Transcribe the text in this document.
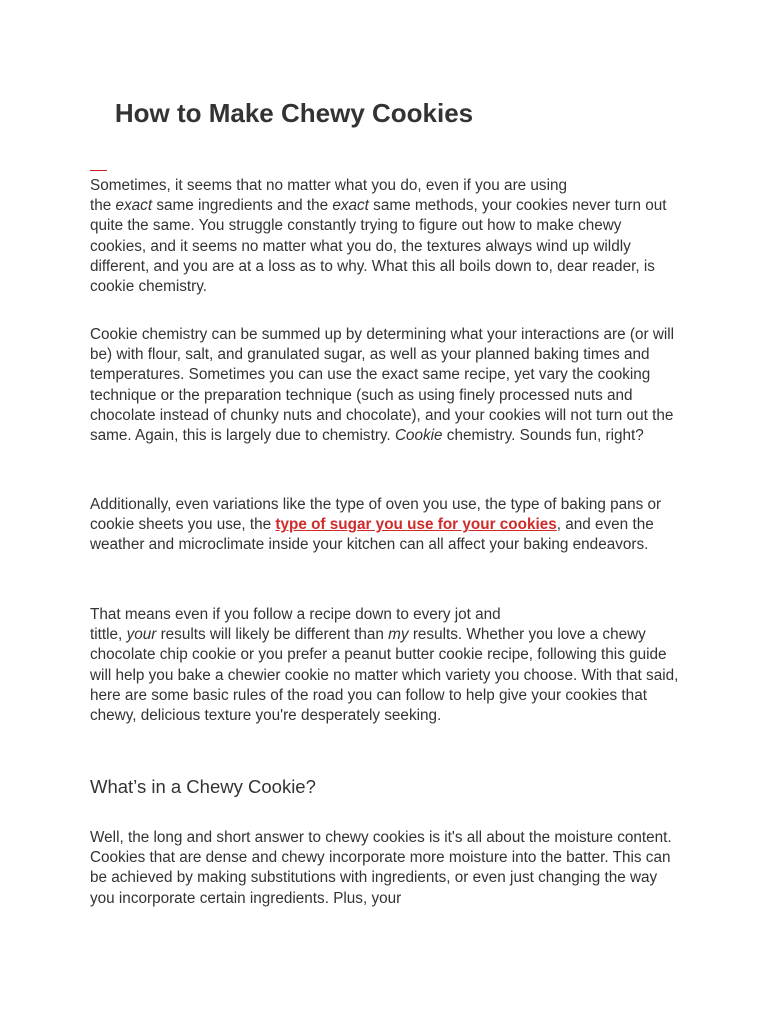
How to Make Chewy Cookies

Sometimes, it seems that no matter what you do, even if you are using
the exact same ingredients and the exact same methods, your cookies never turn out quite the same. You struggle constantly trying to figure out how to make chewy cookies, and it seems no matter what you do, the textures always wind up wildly different, and you are at a loss as to why. What this all boils down to, dear reader, is cookie chemistry.

Cookie chemistry can be summed up by determining what your interactions are (or will be) with flour, salt, and granulated sugar, as well as your planned baking times and temperatures. Sometimes you can use the exact same recipe, yet vary the cooking technique or the preparation technique (such as using finely processed nuts and chocolate instead of chunky nuts and chocolate), and your cookies will not turn out the same. Again, this is largely due to chemistry. Cookie chemistry. Sounds fun, right?

Additionally, even variations like the type of oven you use, the type of baking pans or cookie sheets you use, the type of sugar you use for your cookies, and even the weather and microclimate inside your kitchen can all affect your baking endeavors.

That means even if you follow a recipe down to every jot and
tittle, your results will likely be different than my results. Whether you love a chewy chocolate chip cookie or you prefer a peanut butter cookie recipe, following this guide will help you bake a chewier cookie no matter which variety you choose. With that said, here are some basic rules of the road you can follow to help give your cookies that chewy, delicious texture you're desperately seeking.

What’s in a Chewy Cookie?

Well, the long and short answer to chewy cookies is it's all about the moisture content. Cookies that are dense and chewy incorporate more moisture into the batter. This can be achieved by making substitutions with ingredients, or even just changing the way you incorporate certain ingredients. Plus, your
